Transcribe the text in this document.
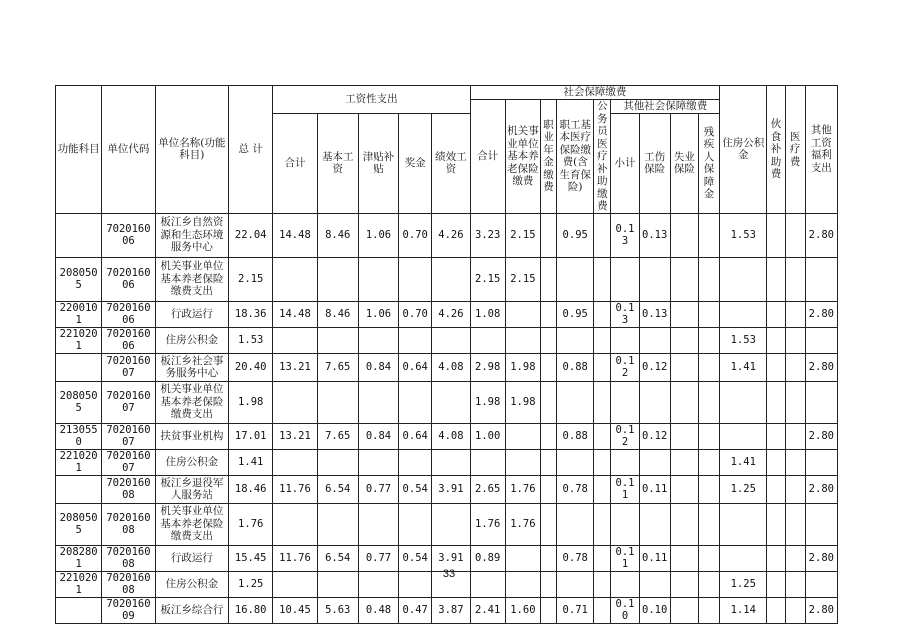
功能科目	单位代码	单位名称(功能科目)	总 计	工资性支出					社会保障缴费									住房公积金	伙食补助费	医疗费	其他工资福利支出
									合计	机关事业单位基本养老保险缴费	职业年金缴费	职工基本医疗保险缴费(含生育保险)	公务员医疗补助缴费	其他社会保障缴费							
				合计	基本工资	津贴补贴	奖金	绩效工资						小计	工伤保险	失业保险	残疾人保障金				
	702016006	板江乡自然资源和生态环境服务中心	22.04	14.48	8.46	1.06	0.70	4.26	3.23	2.15		0.95		0.13	0.13			1.53			2.80
2080505	702016006	机关事业单位基本养老保险缴费支出	2.15						2.15	2.15											
2200101	702016006	行政运行	18.36	14.48	8.46	1.06	0.70	4.26	1.08			0.95		0.13	0.13						2.80
2210201	702016006	住房公积金	1.53															1.53			
	702016007	板江乡社会事务服务中心	20.40	13.21	7.65	0.84	0.64	4.08	2.98	1.98		0.88		0.12	0.12			1.41			2.80
2080505	702016007	机关事业单位基本养老保险缴费支出	1.98						1.98	1.98											
2130550	702016007	扶贫事业机构	17.01	13.21	7.65	0.84	0.64	4.08	1.00			0.88		0.12	0.12						2.80
2210201	702016007	住房公积金	1.41															1.41			
	702016008	板江乡退役军人服务站	18.46	11.76	6.54	0.77	0.54	3.91	2.65	1.76		0.78		0.11	0.11			1.25			2.80
2080505	702016008	机关事业单位基本养老保险缴费支出	1.76						1.76	1.76											
2082801	702016008	行政运行	15.45	11.76	6.54	0.77	0.54	3.91	0.89			0.78		0.11	0.11						2.80
2210201	702016008	住房公积金	1.25															1.25			
	702016009	板江乡综合行	16.80	10.45	5.63	0.48	0.47	3.87	2.41	1.60		0.71		0.10	0.10			1.14			2.80
33
